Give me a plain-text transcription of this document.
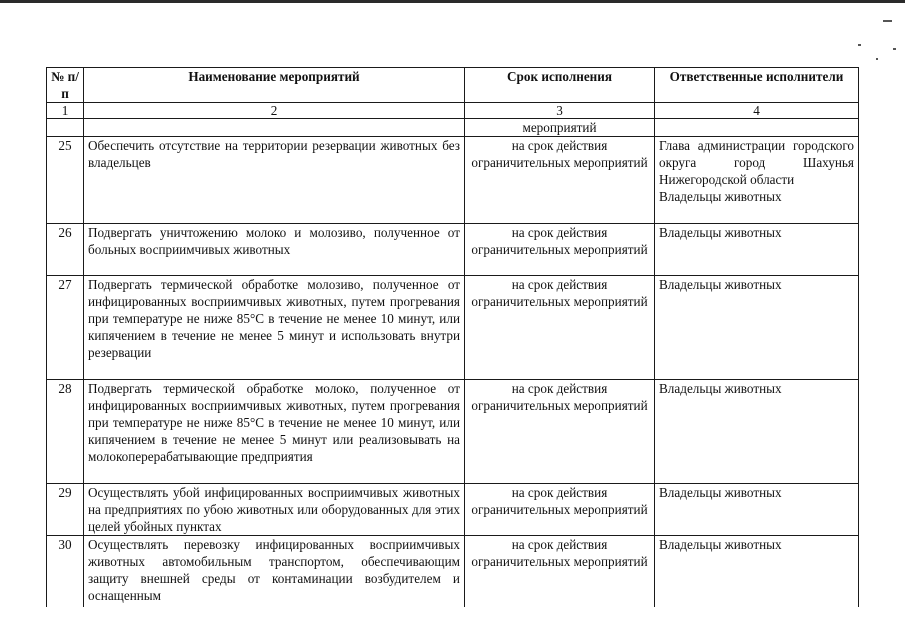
№ п/п	Наименование мероприятий	Срок исполнения	Ответственные исполнители
1	2	3	4
		мероприятий	
25	Обеспечить отсутствие на территории резервации животных без владельцев	на срок действия ограничительных мероприятий	Глава администрации городского округа город Шахунья Нижегородской области
Владельцы животных

26	Подвергать уничтожению молоко и молозиво, полученное от больных восприимчивых животных	на срок действия ограничительных мероприятий	Владельцы животных
27	Подвергать термической обработке молозиво, полученное от инфицированных восприимчивых животных, путем прогревания при температуре не ниже 85°С в течение не менее 10 минут, или кипячением в течение не менее 5 минут и использовать внутри резервации	на срок действия ограничительных мероприятий	Владельцы животных
28	Подвергать термической обработке молоко, полученное от инфицированных восприимчивых животных, путем прогревания при температуре не ниже 85°С в течение не менее 10 минут, или кипячением в течение не менее 5 минут или реализовывать на молокоперерабатывающие предприятия	на срок действия ограничительных мероприятий	Владельцы животных
29	Осуществлять убой инфицированных восприимчивых животных на предприятиях по убою животных или оборудованных для этих целей убойных пунктах	на срок действия ограничительных мероприятий	Владельцы животных
30	Осуществлять перевозку инфицированных восприимчивых животных автомобильным транспортом, обеспечивающим защиту внешней среды от контаминации возбудителем и оснащенным	на срок действия ограничительных мероприятий	Владельцы животных
